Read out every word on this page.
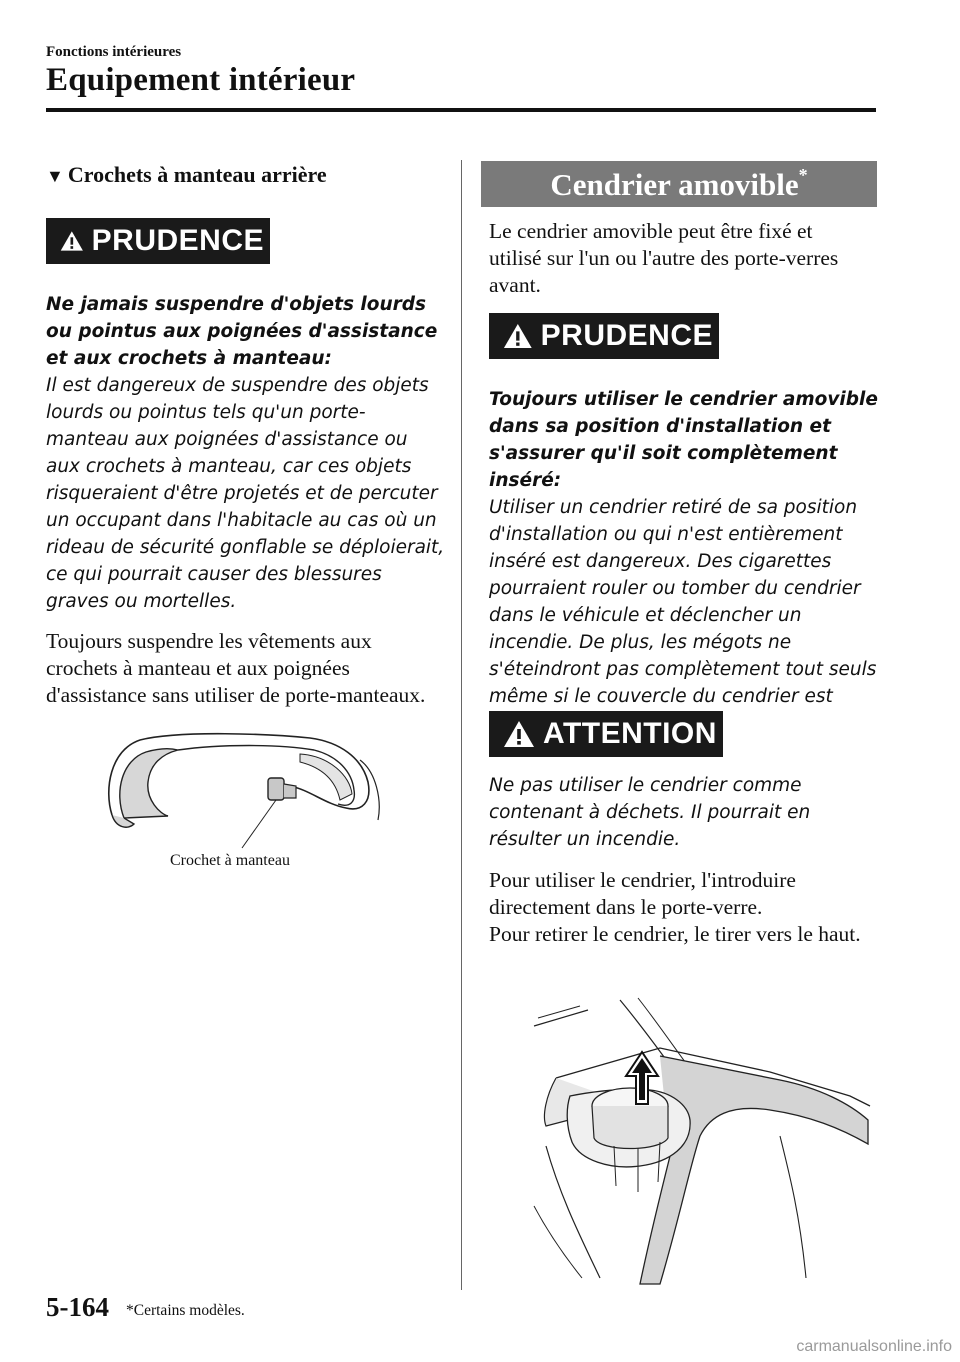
Fonctions intérieures
Equipement intérieur
▼ Crochets à manteau arrière
PRUDENCE
Ne jamais suspendre d'objets lourds ou pointus aux poignées d'assistance et aux crochets à manteau:
Il est dangereux de suspendre des objets lourds ou pointus tels qu'un porte-manteau aux poignées d'assistance ou aux crochets à manteau, car ces objets risqueraient d'être projetés et de percuter un occupant dans l'habitacle au cas où un rideau de sécurité gonflable se déploierait, ce qui pourrait causer des blessures graves ou mortelles.
Toujours suspendre les vêtements aux crochets à manteau et aux poignées d'assistance sans utiliser de porte-manteaux.
Crochet à manteau
Cendrier amovible*
Le cendrier amovible peut être fixé et utilisé sur l'un ou l'autre des porte-verres avant.
PRUDENCE
Toujours utiliser le cendrier amovible dans sa position d'installation et s'assurer qu'il soit complètement inséré:
Utiliser un cendrier retiré de sa position d'installation ou qui n'est entièrement inséré est dangereux. Des cigarettes pourraient rouler ou tomber du cendrier dans le véhicule et déclencher un incendie. De plus, les mégots ne s'éteindront pas complètement tout seuls même si le couvercle du cendrier est
ATTENTION
Ne pas utiliser le cendrier comme contenant à déchets. Il pourrait en résulter un incendie.
Pour utiliser le cendrier, l'introduire directement dans le porte-verre.
Pour retirer le cendrier, le tirer vers le haut.
5-164 *Certains modèles.
carmanualsonline.info
